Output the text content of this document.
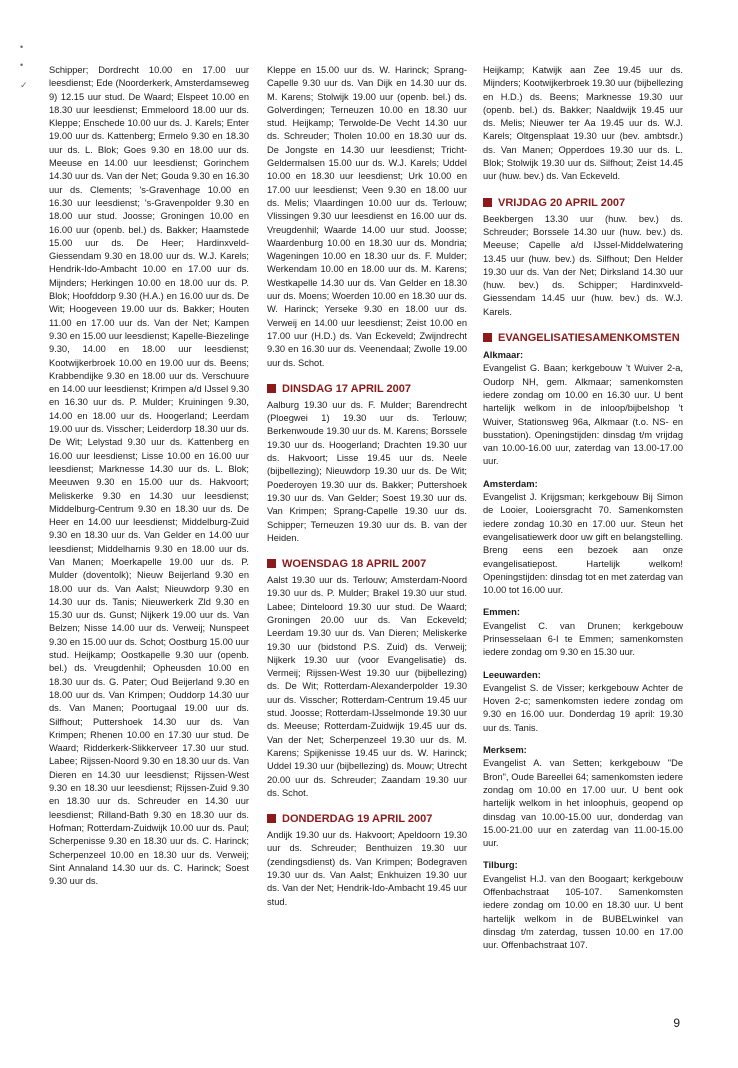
•
•
✓

Schipper; Dordrecht 10.00 en 17.00 uur leesdienst; Ede (Noorderkerk, Amsterdamseweg 9) 12.15 uur stud. De Waard; Elspeet 10.00 en 18.30 uur leesdienst; Emmeloord 18.00 uur ds. Kleppe; Enschede 10.00 uur ds. J. Karels; Enter 19.00 uur ds. Kattenberg; Ermelo 9.30 en 18.30 uur ds. L. Blok; Goes 9.30 en 18.00 uur ds. Meeuse en 14.00 uur leesdienst; Gorinchem 14.30 uur ds. Van der Net; Gouda 9.30 en 16.30 uur ds. Clements; 's-Gravenhage 10.00 en 16.30 uur leesdienst; 's-Gravenpolder 9.30 en 18.00 uur stud. Joosse; Groningen 10.00 en 16.00 uur (openb. bel.) ds. Bakker; Haamstede 15.00 uur ds. De Heer; Hardinxveld-Giessendam 9.30 en 18.00 uur ds. W.J. Karels; Hendrik-Ido-Ambacht 10.00 en 17.00 uur ds. Mijnders; Herkingen 10.00 en 18.00 uur ds. P. Blok; Hoofddorp 9.30 (H.A.) en 16.00 uur ds. De Wit; Hoogeveen 19.00 uur ds. Bakker; Houten 11.00 en 17.00 uur ds. Van der Net; Kampen 9.30 en 15.00 uur leesdienst; Kapelle-Biezelinge 9.30, 14.00 en 18.00 uur leesdienst; Kootwijkerbroek 10.00 en 19.00 uur ds. Beens; Krabbendijke 9.30 en 18.00 uur ds. Verschuure en 14.00 uur leesdienst; Krimpen a/d IJssel 9.30 en 16.30 uur ds. P. Mulder; Kruiningen 9.30, 14.00 en 18.00 uur ds. Hoogerland; Leerdam 19.00 uur ds. Visscher; Leiderdorp 18.30 uur ds. De Wit; Lelystad 9.30 uur ds. Kattenberg en 16.00 uur leesdienst; Lisse 10.00 en 16.00 uur leesdienst; Marknesse 14.30 uur ds. L. Blok; Meeuwen 9.30 en 15.00 uur ds. Hakvoort; Meliskerke 9.30 en 14.30 uur leesdienst; Middelburg-Centrum 9.30 en 18.30 uur ds. De Heer en 14.00 uur leesdienst; Middelburg-Zuid 9.30 en 18.30 uur ds. Van Gelder en 14.00 uur leesdienst; Middelharnis 9.30 en 18.00 uur ds. Van Manen; Moerkapelle 19.00 uur ds. P. Mulder (doventolk); Nieuw Beijerland 9.30 en 18.00 uur ds. Van Aalst; Nieuwdorp 9.30 en 14.30 uur ds. Tanis; Nieuwerkerk Zld 9.30 en 15.30 uur ds. Gunst; Nijkerk 19.00 uur ds. Van Belzen; Nisse 14.00 uur ds. Verweij; Nunspeet 9.30 en 15.00 uur ds. Schot; Oostburg 15.00 uur stud. Heijkamp; Oostkapelle 9.30 uur (openb. bel.) ds. Vreugdenhil; Opheusden 10.00 en 18.30 uur ds. G. Pater; Oud Beijerland 9.30 en 18.00 uur ds. Van Krimpen; Ouddorp 14.30 uur ds. Van Manen; Poortugaal 19.00 uur ds. Silfhout; Puttershoek 14.30 uur ds. Van Krimpen; Rhenen 10.00 en 17.30 uur stud. De Waard; Ridderkerk-Slikkerveer 17.30 uur stud. Labee; Rijssen-Noord 9.30 en 18.30 uur ds. Van Dieren en 14.30 uur leesdienst; Rijssen-West 9.30 en 18.30 uur leesdienst; Rijssen-Zuid 9.30 en 18.30 uur ds. Schreuder en 14.30 uur leesdienst; Rilland-Bath 9.30 en 18.30 uur ds. Hofman; Rotterdam-Zuidwijk 10.00 uur ds. Paul; Scherpenisse 9.30 en 18.30 uur ds. C. Harinck; Scherpenzeel 10.00 en 18.30 uur ds. Verweij; Sint Annaland 14.30 uur ds. C. Harinck; Soest 9.30 uur ds.

Kleppe en 15.00 uur ds. W. Harinck; Sprang-Capelle 9.30 uur ds. Van Dijk en 14.30 uur ds. M. Karens; Stolwijk 19.00 uur (openb. bel.) ds. Golverdingen; Terneuzen 10.00 en 18.30 uur stud. Heijkamp; Terwolde-De Vecht 14.30 uur ds. Schreuder; Tholen 10.00 en 18.30 uur ds. De Jongste en 14.30 uur leesdienst; Tricht-Geldermalsen 15.00 uur ds. W.J. Karels; Uddel 10.00 en 18.30 uur leesdienst; Urk 10.00 en 17.00 uur leesdienst; Veen 9.30 en 18.00 uur ds. Melis; Vlaardingen 10.00 uur ds. Terlouw; Vlissingen 9.30 uur leesdienst en 16.00 uur ds. Vreugdenhil; Waarde 14.00 uur stud. Joosse; Waardenburg 10.00 en 18.30 uur ds. Mondria; Wageningen 10.00 en 18.30 uur ds. F. Mulder; Werkendam 10.00 en 18.00 uur ds. M. Karens; Westkapelle 14.30 uur ds. Van Gelder en 18.30 uur ds. Moens; Woerden 10.00 en 18.30 uur ds. W. Harinck; Yerseke 9.30 en 18.00 uur ds. Verweij en 14.00 uur leesdienst; Zeist 10.00 en 17.00 uur (H.D.) ds. Van Eckeveld; Zwijndrecht 9.30 en 16.30 uur ds. Veenendaal; Zwolle 19.00 uur ds. Schot.

DINSDAG 17 APRIL 2007

Aalburg 19.30 uur ds. F. Mulder; Barendrecht (Ploegwei 1) 19.30 uur ds. Terlouw; Berkenwoude 19.30 uur ds. M. Karens; Borssele 19.30 uur ds. Hoogerland; Drachten 19.30 uur ds. Hakvoort; Lisse 19.45 uur ds. Neele (bijbellezing); Nieuwdorp 19.30 uur ds. De Wit; Poederoyen 19.30 uur ds. Bakker; Puttershoek 19.30 uur ds. Van Gelder; Soest 19.30 uur ds. Van Krimpen; Sprang-Capelle 19.30 uur ds. Schipper; Terneuzen 19.30 uur ds. B. van der Heiden.

WOENSDAG 18 APRIL 2007

Aalst 19.30 uur ds. Terlouw; Amsterdam-Noord 19.30 uur ds. P. Mulder; Brakel 19.30 uur stud. Labee; Dinteloord 19.30 uur stud. De Waard; Groningen 20.00 uur ds. Van Eckeveld; Leerdam 19.30 uur ds. Van Dieren; Meliskerke 19.30 uur (bidstond P.S. Zuid) ds. Verweij; Nijkerk 19.30 uur (voor Evangelisatie) ds. Vermeij; Rijssen-West 19.30 uur (bijbellezing) ds. De Wit; Rotterdam-Alexanderpolder 19.30 uur ds. Visscher; Rotterdam-Centrum 19.45 uur stud. Joosse; Rotterdam-IJsselmonde 19.30 uur ds. Meeuse; Rotterdam-Zuidwijk 19.45 uur ds. Van der Net; Scherpenzeel 19.30 uur ds. M. Karens; Spijkenisse 19.45 uur ds. W. Harinck; Uddel 19.30 uur (bijbellezing) ds. Mouw; Utrecht 20.00 uur ds. Schreuder; Zaandam 19.30 uur ds. Schot.

DONDERDAG 19 APRIL 2007

Andijk 19.30 uur ds. Hakvoort; Apeldoorn 19.30 uur ds. Schreuder; Benthuizen 19.30 uur (zendingsdienst) ds. Van Krimpen; Bodegraven 19.30 uur ds. Van Aalst; Enkhuizen 19.30 uur ds. Van der Net; Hendrik-Ido-Ambacht 19.45 uur stud.

Heijkamp; Katwijk aan Zee 19.45 uur ds. Mijnders; Kootwijkerbroek 19.30 uur (bijbellezing en H.D.) ds. Beens; Marknesse 19.30 uur (openb. bel.) ds. Bakker; Naaldwijk 19.45 uur ds. Melis; Nieuwer ter Aa 19.45 uur ds. W.J. Karels; Oltgensplaat 19.30 uur (bev. ambtsdr.) ds. Van Manen; Opperdoes 19.30 uur ds. L. Blok; Stolwijk 19.30 uur ds. Silfhout; Zeist 14.45 uur (huw. bev.) ds. Van Eckeveld.

VRIJDAG 20 APRIL 2007

Beekbergen 13.30 uur (huw. bev.) ds. Schreuder; Borssele 14.30 uur (huw. bev.) ds. Meeuse; Capelle a/d IJssel-Middelwatering 13.45 uur (huw. bev.) ds. Silfhout; Den Helder 19.30 uur ds. Van der Net; Dirksland 14.30 uur (huw. bev.) ds. Schipper; Hardinxveld-Giessendam 14.45 uur (huw. bev.) ds. W.J. Karels.

EVANGELISATIESAMENKOMSTEN
Alkmaar:

Evangelist G. Baan; kerkgebouw 't Wuiver 2-a, Oudorp NH, gem. Alkmaar; samenkomsten iedere zondag om 10.00 en 16.30 uur. U bent hartelijk welkom in de inloop/bijbelshop 't Wuiver, Stationsweg 96a, Alkmaar (t.o. NS- en busstation). Openingstijden: dinsdag t/m vrijdag van 10.00-16.00 uur, zaterdag van 13.00-17.00 uur.

Amsterdam:

Evangelist J. Krijgsman; kerkgebouw Bij Simon de Looier, Looiersgracht 70. Samenkomsten iedere zondag 10.30 en 17.00 uur. Steun het evangelisatiewerk door uw gift en belangstelling. Breng eens een bezoek aan onze evangelisatiepost. Hartelijk welkom! Openingstijden: dinsdag tot en met zaterdag van 10.00 tot 16.00 uur.

Emmen:

Evangelist C. van Drunen; kerkgebouw Prinsesselaan 6-I te Emmen; samenkomsten iedere zondag om 9.30 en 15.30 uur.

Leeuwarden:

Evangelist S. de Visser; kerkgebouw Achter de Hoven 2-c; samenkomsten iedere zondag om 9.30 en 16.00 uur. Donderdag 19 april: 19.30 uur ds. Tanis.

Merksem:

Evangelist A. van Setten; kerkgebouw "De Bron", Oude Bareellei 64; samenkomsten iedere zondag om 10.00 en 17.00 uur. U bent ook hartelijk welkom in het inloophuis, geopend op dinsdag van 10.00-15.00 uur, donderdag van 15.00-21.00 uur en zaterdag van 11.00-15.00 uur.

Tilburg:

Evangelist H.J. van den Boogaart; kerkgebouw Offenbachstraat 105-107. Samenkomsten iedere zondag om 10.00 en 18.30 uur. U bent hartelijk welkom in de BUBELwinkel van dinsdag t/m zaterdag, tussen 10.00 en 17.00 uur. Offenbachstraat 107.

9
